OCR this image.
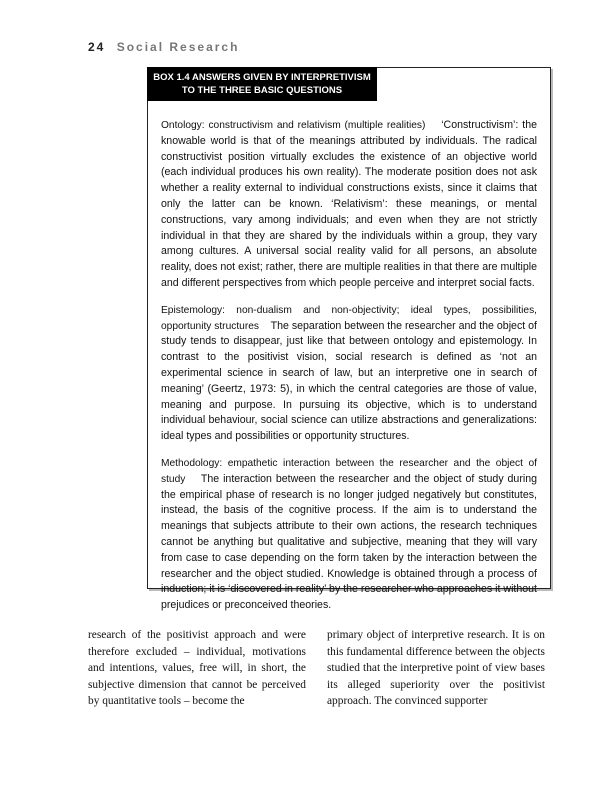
24 Social Research
BOX 1.4 ANSWERS GIVEN BY INTERPRETIVISM
TO THE THREE BASIC QUESTIONS

Ontology: constructivism and relativism (multiple realities) ‘Constructivism’: the knowable world is that of the meanings attributed by individuals. The radical constructivist position virtually excludes the existence of an objective world (each individual produces his own reality). The moderate position does not ask whether a reality external to individual constructions exists, since it claims that only the latter can be known. ‘Relativism’: these meanings, or mental constructions, vary among individuals; and even when they are not strictly individual in that they are shared by the individuals within a group, they vary among cultures. A universal social reality valid for all persons, an absolute reality, does not exist; rather, there are multiple realities in that there are multiple and different perspectives from which people perceive and interpret social facts.

Epistemology: non-dualism and non-objectivity; ideal types, possibilities, opportunity structures The separation between the researcher and the object of study tends to disappear, just like that between ontology and epistemology. In contrast to the positivist vision, social research is defined as ‘not an experimental science in search of law, but an interpretive one in search of meaning’ (Geertz, 1973: 5), in which the central categories are those of value, meaning and purpose. In pursuing its objective, which is to understand individual behaviour, social science can utilize abstractions and generalizations: ideal types and possibilities or opportunity structures.

Methodology: empathetic interaction between the researcher and the object of study The interaction between the researcher and the object of study during the empirical phase of research is no longer judged negatively but constitutes, instead, the basis of the cognitive process. If the aim is to understand the meanings that subjects attribute to their own actions, the research techniques cannot be anything but qualitative and subjective, meaning that they will vary from case to case depending on the form taken by the interaction between the researcher and the object studied. Knowledge is obtained through a process of induction; it is ‘discovered in reality’ by the researcher who approaches it without prejudices or preconceived theories.

research of the positivist approach and were therefore excluded – individual, motivations and intentions, values, free will, in short, the subjective dimension that cannot be perceived by quantitative tools – become the
primary object of interpretive research. It is on this fundamental difference between the objects studied that the interpretive point of view bases its alleged superiority over the positivist approach. The convinced supporter
